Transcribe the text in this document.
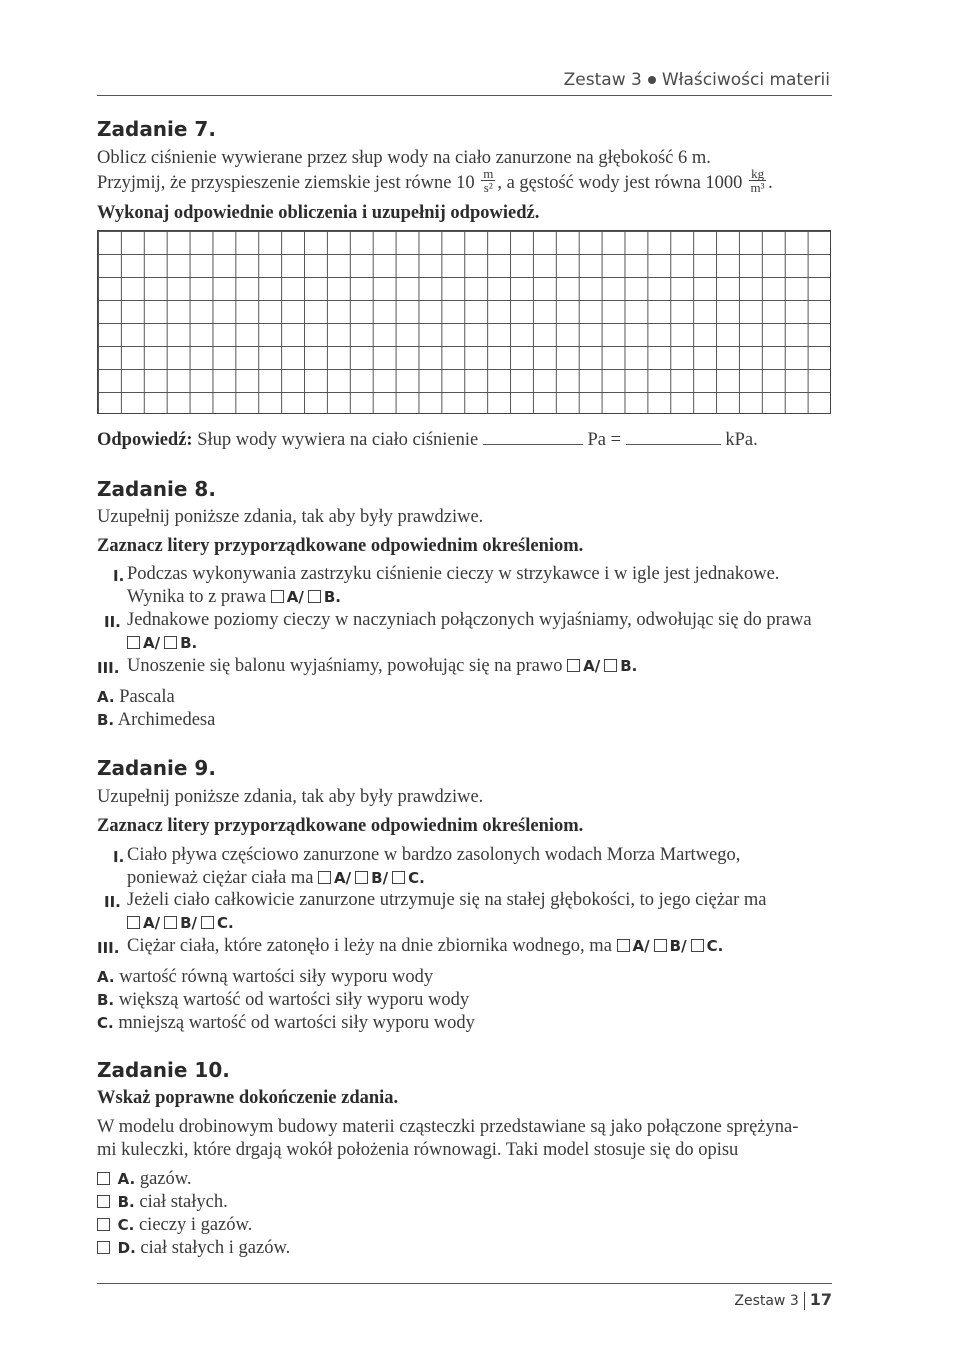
Zestaw 3 Właściwości materii
Zadanie 7.
Oblicz ciśnienie wywierane przez słup wody na ciało zanurzone na głębokość 6 m.
Przyjmij, że przyspieszenie ziemskie jest równe $10 \frac{m}{\text{s²}}$ , a gęstość wody jest równa $1000 \frac{kg}{\text{m³}}$ .
Wykonaj odpowiednie obliczenia i uzupełnij odpowiedź.
Odpowiedź: Słup wody wywiera na ciało ciśnienie	Pa =	kPa.
Zadanie 8.
Uzupełnij poniższe zdania, tak aby były prawdziwe.
Zaznacz litery przyporządkowane odpowiednim określeniom.
I. Podczas wykonywania zastrzyku ciśnienie cieczy w strzykawce i w igle jest jednakowe.
Wynika to z prawa A/ B.
II. Jednakowe poziomy cieczy w naczyniach połączonych wyjaśniamy, odwołując się do prawa
A/ B.
III. Unoszenie się balonu wyjaśniamy, powołując się na prawo A/ B.
A. Pascala
B. Archimedesa
Zadanie 9.
Uzupełnij poniższe zdania, tak aby były prawdziwe.
Zaznacz litery przyporządkowane odpowiednim określeniom.
I. Ciało pływa częściowo zanurzone w bardzo zasolonych wodach Morza Martwego,
ponieważ ciężar ciała ma A/ B/ C.
II. Jeżeli ciało całkowicie zanurzone utrzymuje się na stałej głębokości, to jego ciężar ma
A/ B/ C.
III. Ciężar ciała, które zatonęło i leży na dnie zbiornika wodnego, ma A/ B/ C.
A. wartość równą wartości siły wyporu wody
B. większą wartość od wartości siły wyporu wody
C. mniejszą wartość od wartości siły wyporu wody
Zadanie 10.
Wskaż poprawne dokończenie zdania.
W modelu drobinowym budowy materii cząsteczki przedstawiane są jako połączone sprężyna-
mi kuleczki, które drgają wokół położenia równowagi. Taki model stosuje się do opisu
A. gazów.
B. ciał stałych.
C. cieczy i gazów.
D. ciał stałych i gazów.
Zestaw 3 17
